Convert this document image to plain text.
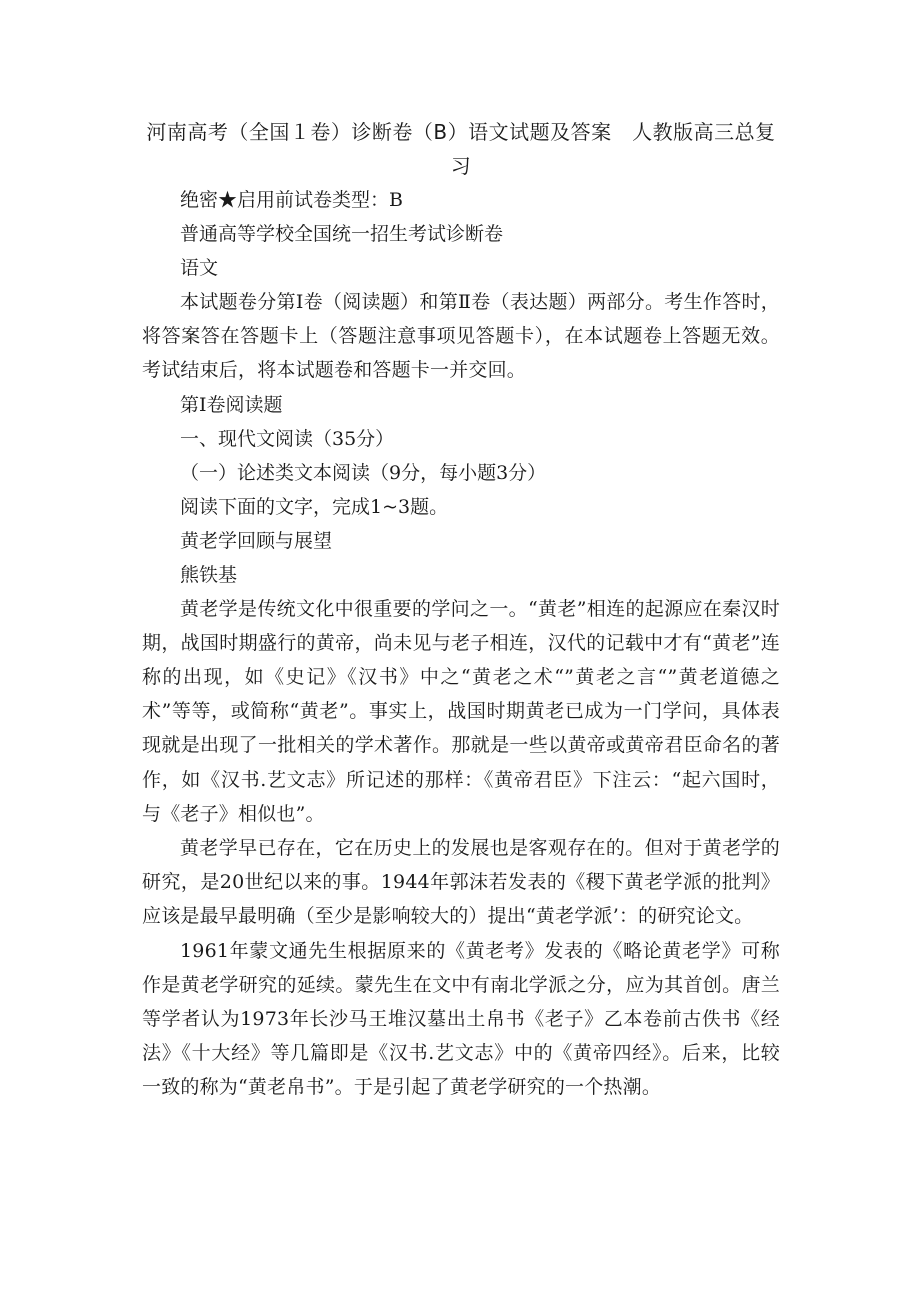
河南高考（全国１卷）诊断卷（B）语文试题及答案　人教版高三总复习

绝密★启用前试卷类型：B

普通高等学校全国统一招生考试诊断卷

语文

本试题卷分第Ⅰ卷（阅读题）和第Ⅱ卷（表达题）两部分。考生作答时，将答案答在答题卡上（答题注意事项见答题卡），在本试题卷上答题无效。考试结束后，将本试题卷和答题卡一并交回。

第Ⅰ卷阅读题

一、现代文阅读（35分）

（一）论述类文本阅读（9分，每小题3分）

阅读下面的文字，完成1~3题。

黄老学回顾与展望

熊铁基

黄老学是传统文化中很重要的学问之一。“黄老”相连的起源应在秦汉时期，战国时期盛行的黄帝，尚未见与老子相连，汉代的记载中才有“黄老”连称的出现，如《史记》《汉书》中之“黄老之术“”黄老之言“”黄老道德之术”等等，或简称“黄老”。事实上，战国时期黄老已成为一门学问，具体表现就是出现了一批相关的学术著作。那就是一些以黄帝或黄帝君臣命名的著作，如《汉书.艺文志》所记述的那样：《黄帝君臣》下注云：“起六国时，与《老子》相似也”。

黄老学早已存在，它在历史上的发展也是客观存在的。但对于黄老学的研究，是20世纪以来的事。1944年郭沫若发表的《稷下黄老学派的批判》应该是最早最明确（至少是影响较大的）提出“黄老学派’：的研究论文。

1961年蒙文通先生根据原来的《黄老考》发表的《略论黄老学》可称作是黄老学研究的延续。蒙先生在文中有南北学派之分，应为其首创。唐兰等学者认为1973年长沙马王堆汉墓出土帛书《老子》乙本卷前古佚书《经法》《十大经》等几篇即是《汉书.艺文志》中的《黄帝四经》。后来，比较一致的称为“黄老帛书”。于是引起了黄老学研究的一个热潮。
